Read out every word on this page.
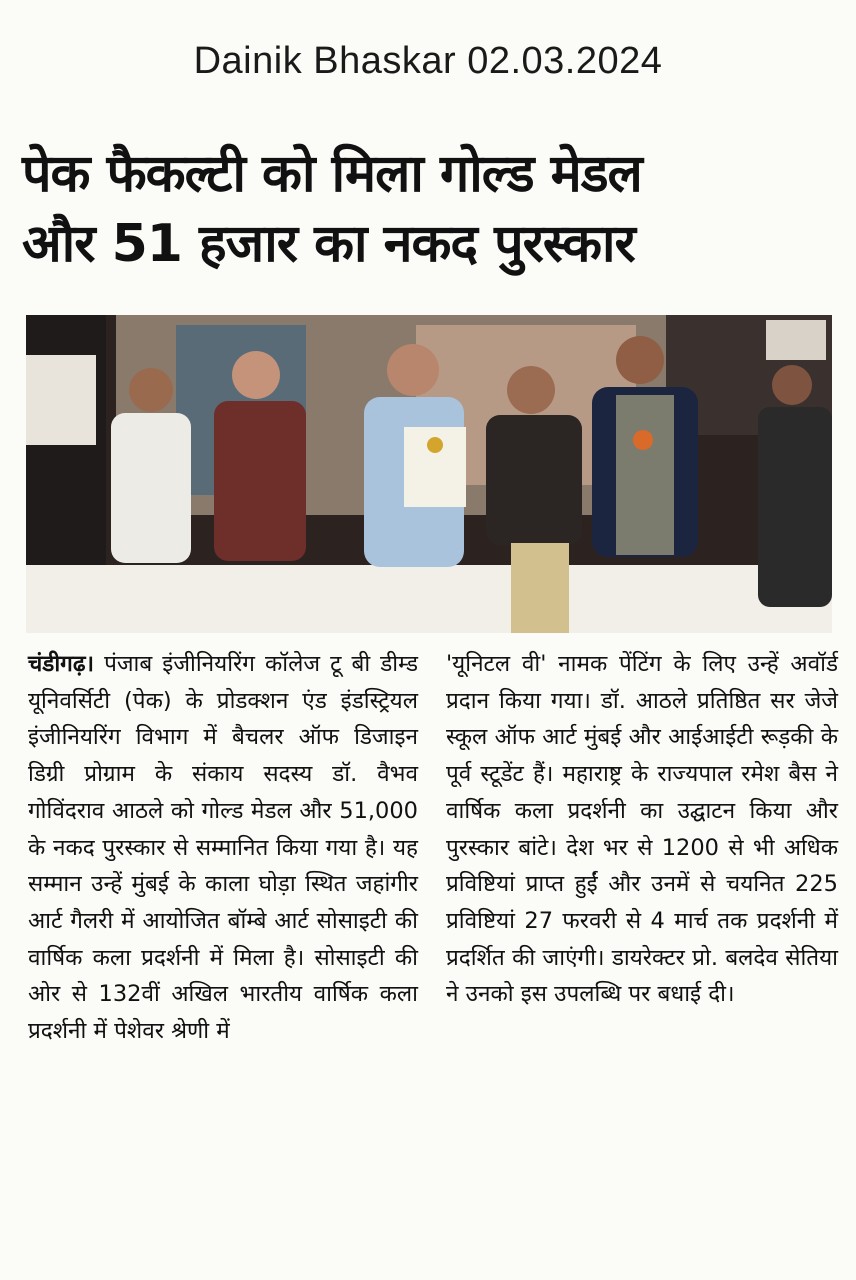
Dainik Bhaskar 02.03.2024
पेक फैकल्टी को मिला गोल्ड मेडल
और 51 हजार का नकद पुरस्कार
चंडीगढ़। पंजाब इंजीनियरिंग कॉलेज टू बी डीम्ड यूनिवर्सिटी (पेक) के प्रोडक्शन एंड इंडस्ट्रियल इंजीनियरिंग विभाग में बैचलर ऑफ डिजाइन डिग्री प्रोग्राम के संकाय सदस्य डॉ. वैभव गोविंदराव आठले को गोल्ड मेडल और 51,000 के नकद पुरस्कार से सम्मानित किया गया है। यह सम्मान उन्हें मुंबई के काला घोड़ा स्थित जहांगीर आर्ट गैलरी में आयोजित बॉम्बे आर्ट सोसाइटी की वार्षिक कला प्रदर्शनी में मिला है। सोसाइटी की ओर से 132वीं अखिल भारतीय वार्षिक कला प्रदर्शनी में पेशेवर श्रेणी में
'यूनिटल वी' नामक पेंटिंग के लिए उन्हें अवॉर्ड प्रदान किया गया। डॉ. आठले प्रतिष्ठित सर जेजे स्कूल ऑफ आर्ट मुंबई और आईआईटी रूड़की के पूर्व स्टूडेंट हैं। महाराष्ट्र के राज्यपाल रमेश बैस ने वार्षिक कला प्रदर्शनी का उद्घाटन किया और पुरस्कार बांटे। देश भर से 1200 से भी अधिक प्रविष्टियां प्राप्त हुईं और उनमें से चयनित 225 प्रविष्टियां 27 फरवरी से 4 मार्च तक प्रदर्शनी में प्रदर्शित की जाएंगी। डायरेक्टर प्रो. बलदेव सेतिया ने उनको इस उपलब्धि पर बधाई दी।
